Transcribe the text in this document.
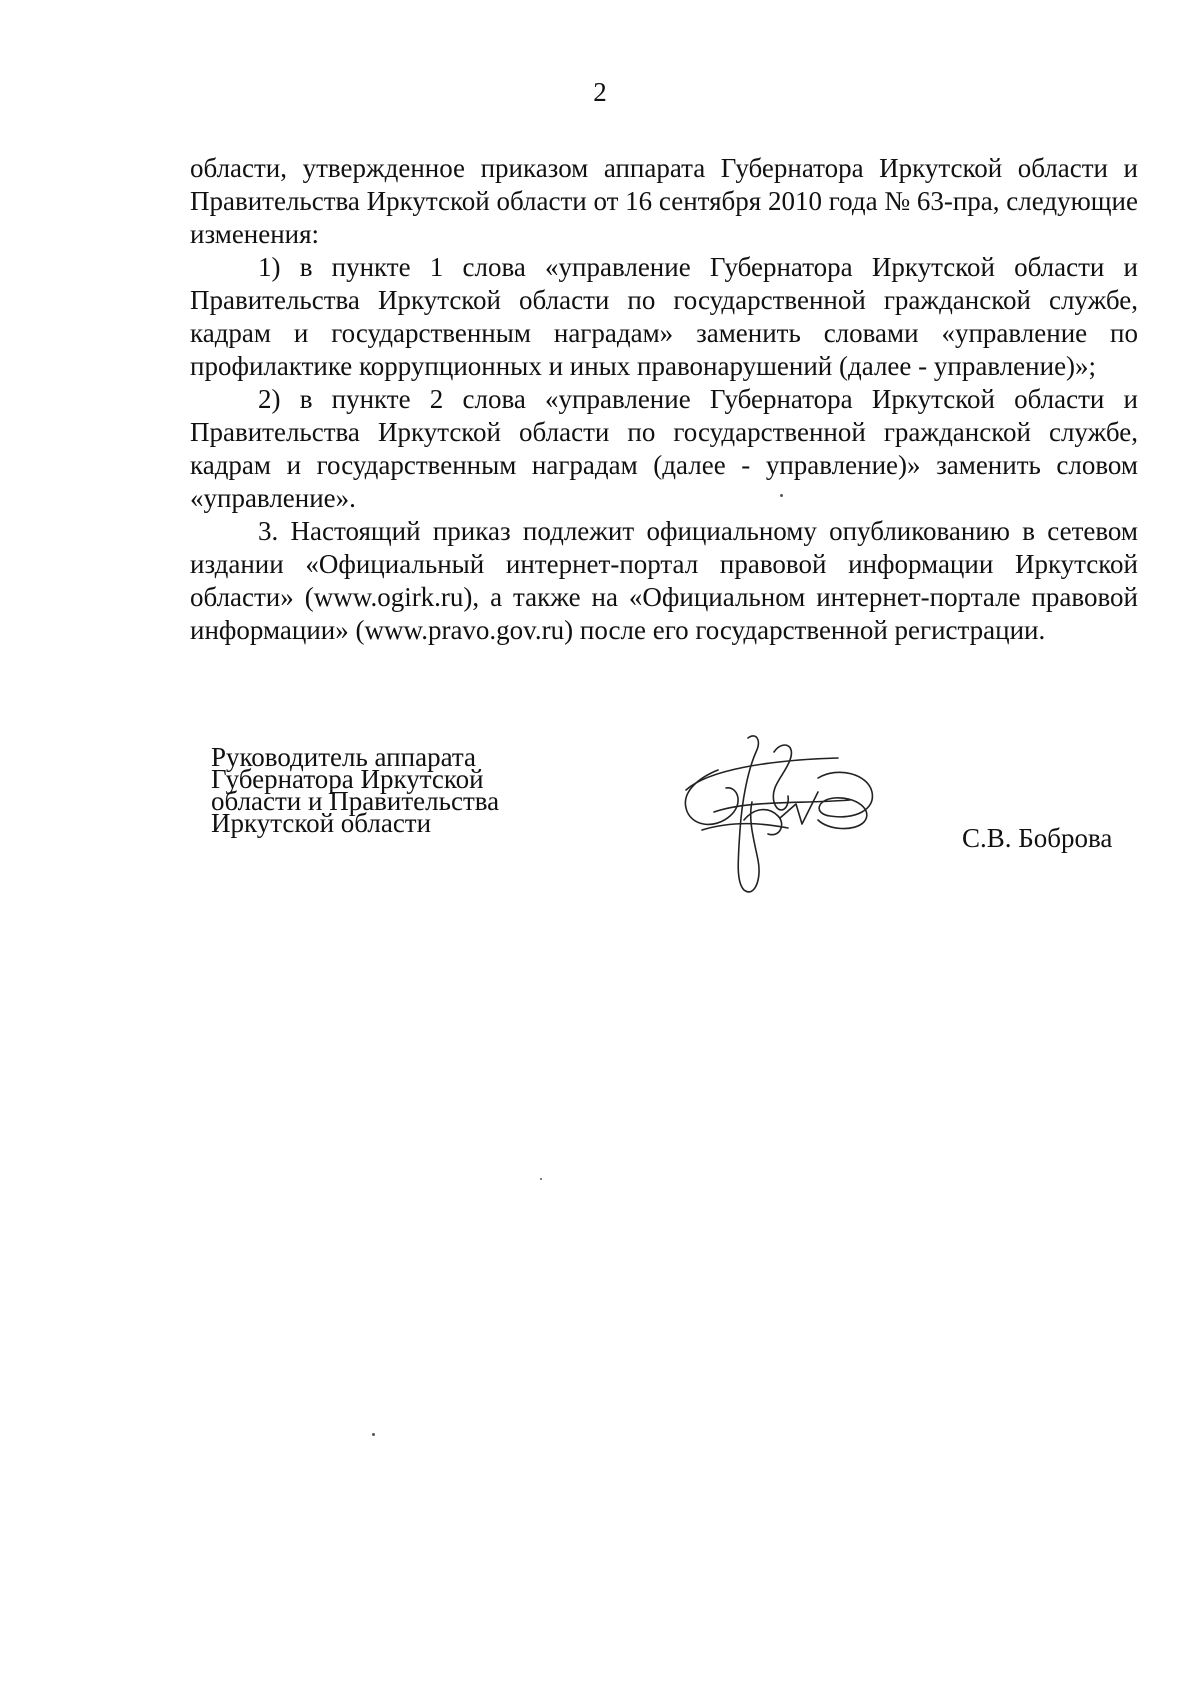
2

области, утвержденное приказом аппарата Губернатора Иркутской области и Правительства Иркутской области от 16 сентября 2010 года № 63-пра, следующие изменения:

1) в пункте 1 слова «управление Губернатора Иркутской области и Правительства Иркутской области по государственной гражданской службе, кадрам и государственным наградам» заменить словами «управление по профилактике коррупционных и иных правонарушений (далее - управление)»;

2) в пункте 2 слова «управление Губернатора Иркутской области и Правительства Иркутской области по государственной гражданской службе, кадрам и государственным наградам (далее - управление)» заменить словом «управление».

3. Настоящий приказ подлежит официальному опубликованию в сетевом издании «Официальный интернет-портал правовой информации Иркутской области» (www.ogirk.ru), а также на «Официальном интернет-портале правовой информации» (www.pravo.gov.ru) после его государственной регистрации.

Руководитель аппарата
Губернатора Иркутской
области и Правительства
Иркутской области	С.В. Боброва
